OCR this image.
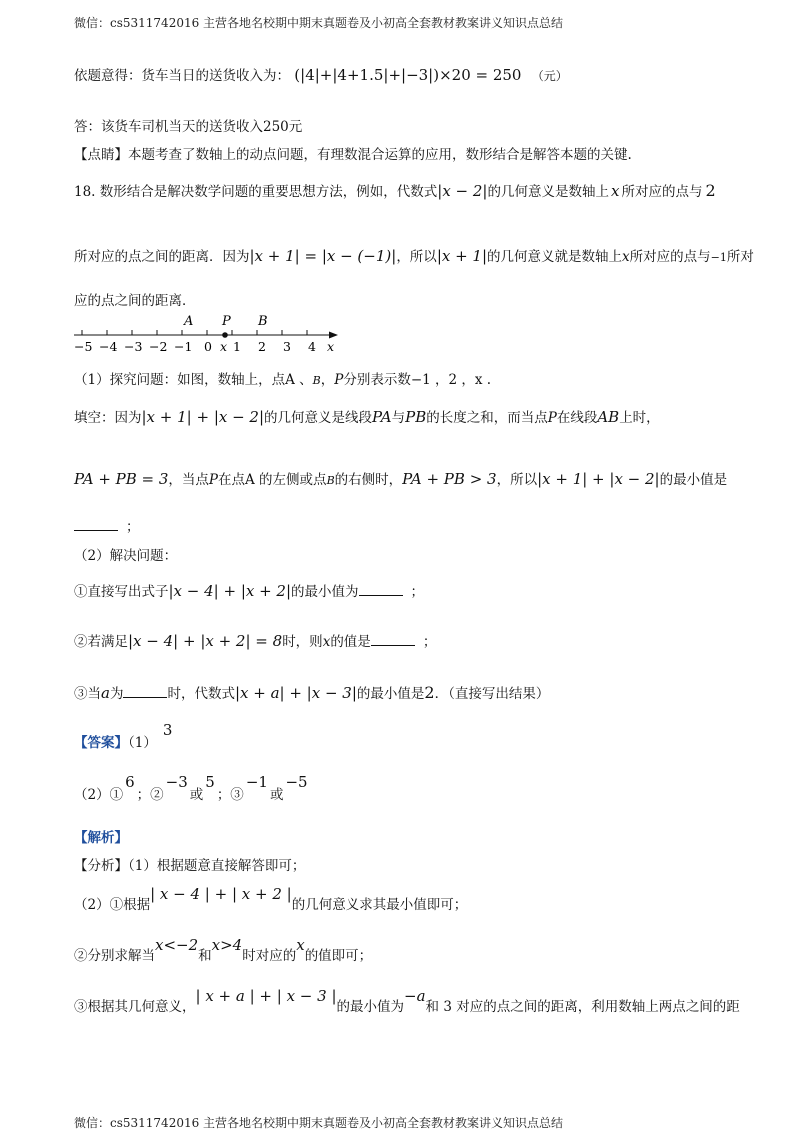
微信：cs5311742016 主营各地名校期中期末真题卷及小初高全套教材教案讲义知识点总结
依题意得：货车当日的送货收入为： (|4|+|4+1.5|+|−3|)×20 = 250 （元）
答：该货车司机当天的送货收入250元
【点睛】本题考查了数轴上的动点问题，有理数混合运算的应用，数形结合是解答本题的关键.
18. 数形结合是解决数学问题的重要思想方法，例如，代数式|x − 2|的几何意义是数轴上 x 所对应的点与 2
所对应的点之间的距离．因为|x + 1| = |x − (−1)|，所以|x + 1|的几何意义就是数轴上x所对应的点与−1所对
应的点之间的距离．
A P B
−5 −4 −3 −2 −1 0 x 1 2 3 4 x
（1）探究问题：如图，数轴上，点A 、B，P分别表示数−1 ，2 ，x .
填空：因为|x + 1| + |x − 2|的几何意义是线段PA与PB的长度之和，而当点P在线段AB上时，
PA + PB = 3，当点P在点A 的左侧或点B的右侧时，PA + PB > 3，所以|x + 1| + |x − 2|的最小值是
；
（2）解决问题：
①直接写出式子|x − 4| + |x + 2|的最小值为	；
②若满足|x − 4| + |x + 2| = 8时，则x的值是	；
③当a为	时，代数式|x + a| + |x − 3|的最小值是2．（直接写出结果）
【答案】（1）3
（2）①6；②−3或5；③−1或−5
【解析】
【分析】（1）根据题意直接解答即可；
（2）①根据| x − 4 | + | x + 2 |的几何意义求其最小值即可；
②分别求解当x<−2和x>4时对应的x的值即可；
③根据其几何意义，| x + a | + | x − 3 |的最小值为−a和 3 对应的点之间的距离，利用数轴上两点之间的距
微信：cs5311742016 主营各地名校期中期末真题卷及小初高全套教材教案讲义知识点总结
